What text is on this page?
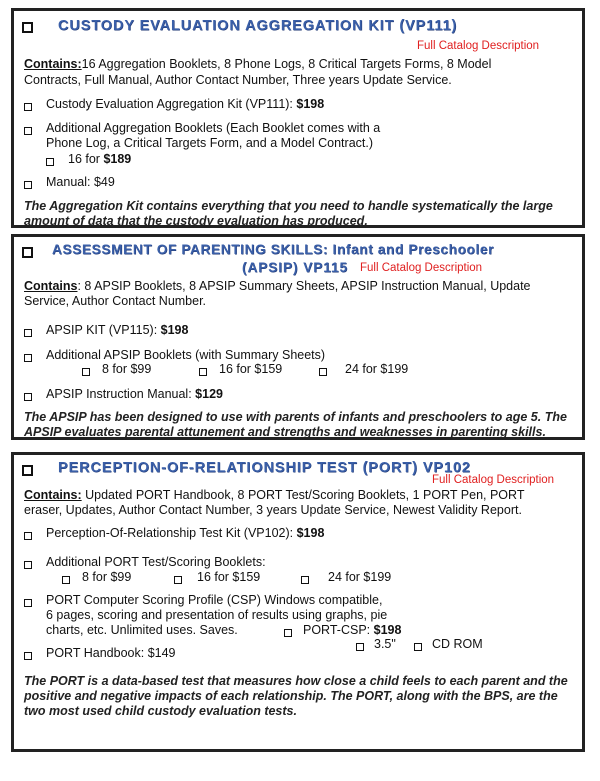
CUSTODY EVALUATION AGGREGATION KIT (VP111)
Full Catalog Description
Contains:16 Aggregation Booklets, 8 Phone Logs, 8 Critical Targets Forms, 8 Model
Contracts, Full Manual, Author Contact Number, Three years Update Service.
Custody Evaluation Aggregation Kit (VP111): $198
Additional Aggregation Booklets (Each Booklet comes with a
Phone Log, a Critical Targets Form, and a Model Contract.)
16 for $189
Manual: $49
The Aggregation Kit contains everything that you need to handle systematically the large
amount of data that the custody evaluation has produced.
ASSESSMENT OF PARENTING SKILLS: Infant and Preschooler
(APSIP) VP115 Full Catalog Description
Contains: 8 APSIP Booklets, 8 APSIP Summary Sheets, APSIP Instruction Manual, Update
Service, Author Contact Number.
APSIP KIT (VP115): $198
Additional APSIP Booklets (with Summary Sheets)
8 for $99	16 for $159	24 for $199
APSIP Instruction Manual: $129
The APSIP has been designed to use with parents of infants and preschoolers to age 5. The
APSIP evaluates parental attunement and strengths and weaknesses in parenting skills.
PERCEPTION-OF-RELATIONSHIP TEST (PORT) VP102
Full Catalog Description
Contains: Updated PORT Handbook, 8 PORT Test/Scoring Booklets, 1 PORT Pen, PORT
eraser, Updates, Author Contact Number, 3 years Update Service, Newest Validity Report.
Perception-Of-Relationship Test Kit (VP102): $198
Additional PORT Test/Scoring Booklets:
8 for $99	16 for $159	24 for $199
PORT Computer Scoring Profile (CSP) Windows compatible,
6 pages, scoring and presentation of results using graphs, pie
charts, etc. Unlimited uses. Saves.	PORT-CSP: $198
3.5"	CD ROM
PORT Handbook: $149
The PORT is a data-based test that measures how close a child feels to each parent and the
positive and negative impacts of each relationship. The PORT, along with the BPS, are the
two most used child custody evaluation tests.
